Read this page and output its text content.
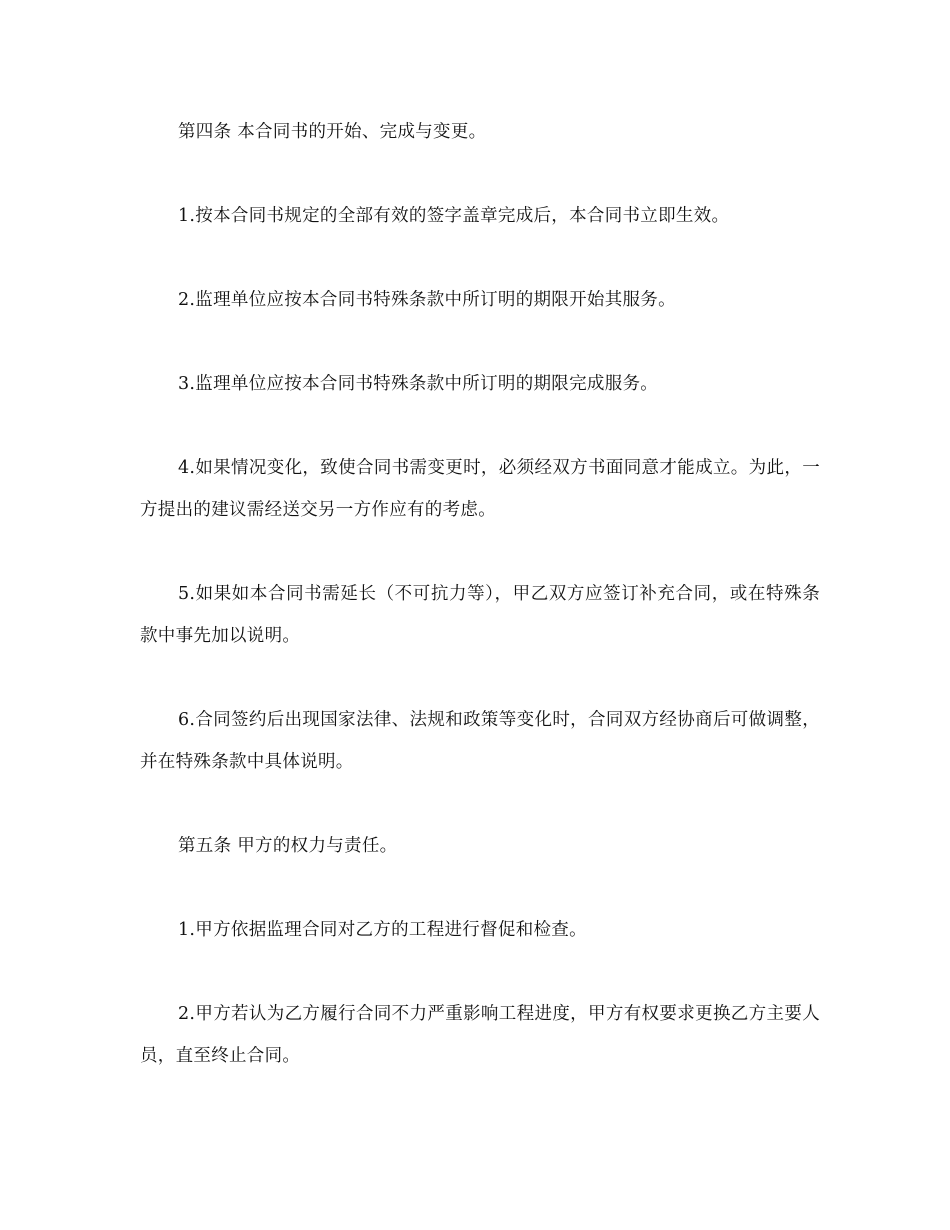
第四条 本合同书的开始、完成与变更。

1.按本合同书规定的全部有效的签字盖章完成后，本合同书立即生效。

2.监理单位应按本合同书特殊条款中所订明的期限开始其服务。

3.监理单位应按本合同书特殊条款中所订明的期限完成服务。

4.如果情况变化，致使合同书需变更时，必须经双方书面同意才能成立。为此，一方提出的建议需经送交另一方作应有的考虑。

5.如果如本合同书需延长（不可抗力等），甲乙双方应签订补充合同，或在特殊条款中事先加以说明。

6.合同签约后出现国家法律、法规和政策等变化时，合同双方经协商后可做调整，并在特殊条款中具体说明。

第五条 甲方的权力与责任。

1.甲方依据监理合同对乙方的工程进行督促和检查。

2.甲方若认为乙方履行合同不力严重影响工程进度，甲方有权要求更换乙方主要人员，直至终止合同。
